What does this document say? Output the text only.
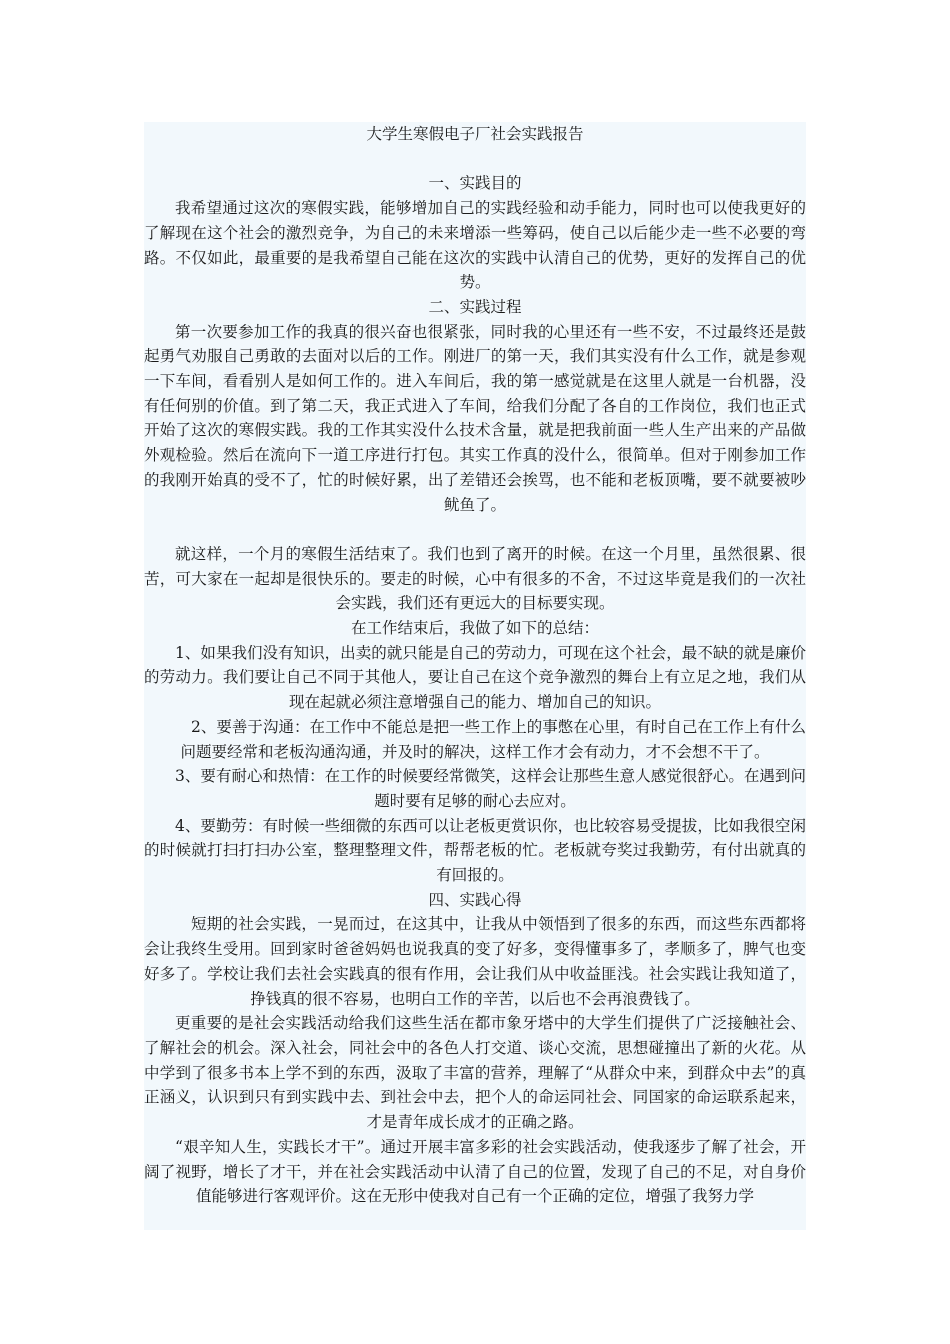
大学生寒假电子厂社会实践报告

一、实践目的

我希望通过这次的寒假实践，能够增加自己的实践经验和动手能力，同时也可以使我更好的了解现在这个社会的激烈竞争，为自己的未来增添一些筹码，使自己以后能少走一些不必要的弯路。不仅如此，最重要的是我希望自己能在这次的实践中认清自己的优势，更好的发挥自己的优势。

二、实践过程

第一次要参加工作的我真的很兴奋也很紧张，同时我的心里还有一些不安，不过最终还是鼓起勇气劝服自己勇敢的去面对以后的工作。刚进厂的第一天，我们其实没有什么工作，就是参观一下车间，看看别人是如何工作的。进入车间后，我的第一感觉就是在这里人就是一台机器，没有任何别的价值。到了第二天，我正式进入了车间，给我们分配了各自的工作岗位，我们也正式开始了这次的寒假实践。我的工作其实没什么技术含量，就是把我前面一些人生产出来的产品做外观检验。然后在流向下一道工序进行打包。其实工作真的没什么，很简单。但对于刚参加工作的我刚开始真的受不了，忙的时候好累，出了差错还会挨骂，也不能和老板顶嘴，要不就要被吵鱿鱼了。

就这样，一个月的寒假生活结束了。我们也到了离开的时候。在这一个月里，虽然很累、很苦，可大家在一起却是很快乐的。要走的时候，心中有很多的不舍，不过这毕竟是我们的一次社会实践，我们还有更远大的目标要实现。

在工作结束后，我做了如下的总结：

1、如果我们没有知识，出卖的就只能是自己的劳动力，可现在这个社会，最不缺的就是廉价的劳动力。我们要让自己不同于其他人，要让自己在这个竞争激烈的舞台上有立足之地，我们从现在起就必须注意增强自己的能力、增加自己的知识。

2、要善于沟通：在工作中不能总是把一些工作上的事憋在心里，有时自己在工作上有什么问题要经常和老板沟通沟通，并及时的解决，这样工作才会有动力，才不会想不干了。

3、要有耐心和热情：在工作的时候要经常微笑，这样会让那些生意人感觉很舒心。在遇到问题时要有足够的耐心去应对。

4、要勤劳：有时候一些细微的东西可以让老板更赏识你，也比较容易受提拔，比如我很空闲的时候就打扫打扫办公室，整理整理文件，帮帮老板的忙。老板就夸奖过我勤劳，有付出就真的有回报的。

四、实践心得

短期的社会实践，一晃而过，在这其中，让我从中领悟到了很多的东西，而这些东西都将会让我终生受用。回到家时爸爸妈妈也说我真的变了好多，变得懂事多了，孝顺多了，脾气也变好多了。学校让我们去社会实践真的很有作用，会让我们从中收益匪浅。社会实践让我知道了，挣钱真的很不容易，也明白工作的辛苦，以后也不会再浪费钱了。

更重要的是社会实践活动给我们这些生活在都市象牙塔中的大学生们提供了广泛接触社会、了解社会的机会。深入社会，同社会中的各色人打交道、谈心交流，思想碰撞出了新的火花。从中学到了很多书本上学不到的东西，汲取了丰富的营养，理解了“从群众中来，到群众中去”的真正涵义，认识到只有到实践中去、到社会中去，把个人的命运同社会、同国家的命运联系起来，才是青年成长成才的正确之路。

“艰辛知人生，实践长才干”。通过开展丰富多彩的社会实践活动，使我逐步了解了社会，开阔了视野，增长了才干，并在社会实践活动中认清了自己的位置，发现了自己的不足，对自身价值能够进行客观评价。这在无形中使我对自己有一个正确的定位，增强了我努力学
